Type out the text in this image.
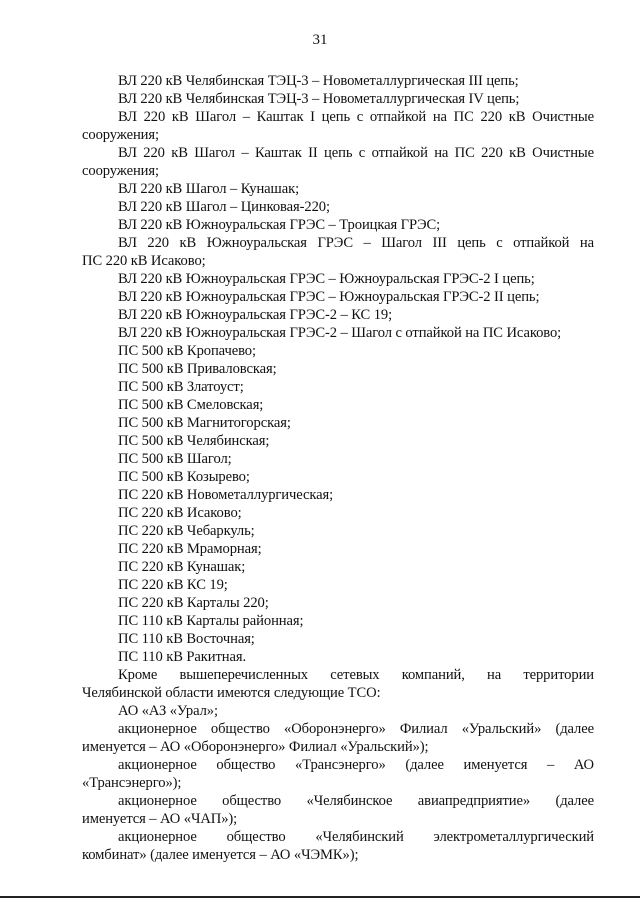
31

ВЛ 220 кВ Челябинская ТЭЦ-3 – Новометаллургическая III цепь;

ВЛ 220 кВ Челябинская ТЭЦ-3 – Новометаллургическая IV цепь;

ВЛ 220 кВ Шагол – Каштак I цепь с отпайкой на ПС 220 кВ Очистные

сооружения;

ВЛ 220 кВ Шагол – Каштак II цепь с отпайкой на ПС 220 кВ Очистные

сооружения;

ВЛ 220 кВ Шагол – Кунашак;

ВЛ 220 кВ Шагол – Цинковая-220;

ВЛ 220 кВ Южноуральская ГРЭС – Троицкая ГРЭС;

ВЛ 220 кВ Южноуральская ГРЭС – Шагол III цепь с отпайкой на

ПС 220 кВ Исаково;

ВЛ 220 кВ Южноуральская ГРЭС – Южноуральская ГРЭС-2 I цепь;

ВЛ 220 кВ Южноуральская ГРЭС – Южноуральская ГРЭС-2 II цепь;

ВЛ 220 кВ Южноуральская ГРЭС-2 – КС 19;

ВЛ 220 кВ Южноуральская ГРЭС-2 – Шагол с отпайкой на ПС Исаково;

ПС 500 кВ Кропачево;

ПС 500 кВ Приваловская;

ПС 500 кВ Златоуст;

ПС 500 кВ Смеловская;

ПС 500 кВ Магнитогорская;

ПС 500 кВ Челябинская;

ПС 500 кВ Шагол;

ПС 500 кВ Козырево;

ПС 220 кВ Новометаллургическая;

ПС 220 кВ Исаково;

ПС 220 кВ Чебаркуль;

ПС 220 кВ Мраморная;

ПС 220 кВ Кунашак;

ПС 220 кВ КС 19;

ПС 220 кВ Карталы 220;

ПС 110 кВ Карталы районная;

ПС 110 кВ Восточная;

ПС 110 кВ Ракитная.

Кроме вышеперечисленных сетевых компаний, на территории

Челябинской области имеются следующие ТСО:

АО «АЗ «Урал»;

акционерное общество «Оборонэнерго» Филиал «Уральский» (далее

именуется – АО «Оборонэнерго» Филиал «Уральский»);

акционерное общество «Трансэнерго» (далее именуется – АО

«Трансэнерго»);

акционерное общество «Челябинское авиапредприятие» (далее

именуется – АО «ЧАП»);

акционерное общество «Челябинский электрометаллургический

комбинат» (далее именуется – АО «ЧЭМК»);
